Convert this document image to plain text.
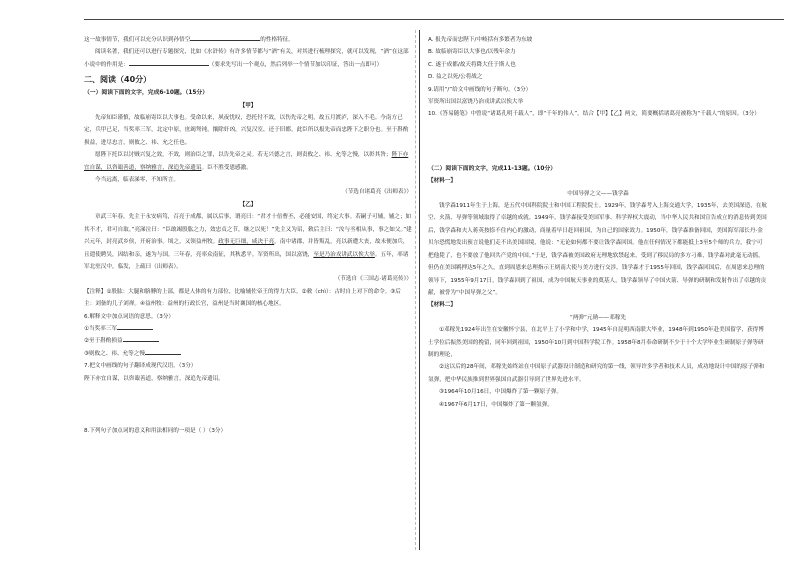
这一故事情节，我们可以充分认识到孙悟空	的性格特征。

阅读名著，我们还可以进行专题探究，比如《水浒传》有许多情节都与“酒”有关，对其进行梳理探究，就可以发现，“酒”在这部小说中的作用是：	（要求先写出一个观点，然后列举一个情节加以印证，答出一点即可）

二、阅读（40分）

（一）阅读下面的文字，完成6-10题。（15分）

【甲】

先帝知臣谨慎，故临崩寄臣以大事也。受命以来，夙夜忧叹，恐托付不效，以伤先帝之明，故五月渡泸，深入不毛。今南方已定，兵甲已足，当奖率三军，北定中原，庶竭驽钝，攘除奸凶，兴复汉室，还于旧都。此臣所以报先帝而忠陛下之职分也。至于斟酌损益，进尽忠言，则攸之、祎、允之任也。

愿陛下托臣以讨贼兴复之效，不效，则治臣之罪，以告先帝之灵。若无兴德之言，则责攸之、祎、允等之慢，以彰其咎；陛下亦宜自谋，以咨诹善道，察纳雅言，深追先帝遗诏。臣不胜受恩感激。

今当远离，临表涕零，不知所言。

（节选自诸葛亮《出师表》）

【乙】

章武三年春，先主于永安病笃，召亮于成都，属以后事，谓亮曰：“君才十倍曹丕，必能安国，终定大事。若嗣子可辅，辅之；如其不才，君可自取。”亮涕泣曰：“臣敢竭股肱之力，效忠贞之节，继之以死！”先主又为诏，敕后主曰：“汝与丞相从事，事之如父。”建兴元年，封亮武乡侯，开府治事。顷之，又领益州牧。政事无巨细，咸决于亮。南中诸郡，并皆叛乱，亮以新遭大丧，故未便加兵，且遣使聘吴，因结和亲，遂为与国。三年春，亮率众南征，其秋悉平。军资所出，国以富饶，至是乃治戎讲武以俟大举。五年，率诸军北驻汉中，临发，上疏曰（出师表）。

（节选自《三国志·诸葛亮传》）

【注释】①股肱：大腿和胳膊的上部，都是人体的有力部位，比喻辅佐帝王的得力大臣。②敕（chì）：古时自上对下的命令。③后主：刘备的儿子刘禅。④益州牧：益州的行政长官，益州是当时襄国的核心地区。

6.解释文中加点词语的意思。（3分）

①当奖率三军

②至于斟酌损益

③则攸之、祎、允等之慢

7.把文中画线的句子翻译成现代汉语。（3分）

陛下亦宜自谋，以咨诹善道，察纳雅言，深追先帝遗诏。

8.下列句子加点词的意义和用法相同的一项是（ ）（3分）

A. 报先帝而忠陛下/中岐括有多繁者为东坡

B. 故临崩寄臣以大事也/以残年余力

C. 遂于成都/故天将降大任于斯人也

D. 益之以死/公将战之

9.请用“/”给文中画线的句子断句。（3分）

军资所出国以富饶乃治戎讲武以俟大举

10.《答易随笔》中曾说“诸葛孔明千载人”，即“千年的伟人”，结合【甲】【乙】两文，简要概括诸葛亮被称为“千载人”的原因。（3分）

（二）阅读下面的文字，完成11-13题。（10分）

【材料一】

中国导弹之父——钱学森

钱学森1911年生于上海，是五代中国科院院士和中国工程院院士。1929年，钱学森考入上海交通大学，1935年，去美国深造，在航空、火箭、导弹等领域取得了卓越的成就。1949年，钱学森接受美国军事、科学界权大震动，当中华人民共和国宣告成立的消息传到美国后，钱学森和夫人蒋英按捺不住内心的激动，商量着早日赶回祖国，为自己的国家效力。1950年，钱学森准备回国，美国海军部长丹·金贝尔恐慌地发出预言说他们走不出美国国境，他说：“无论如何都不要让钱学森回国。他在任何情况下都能抵上3至5个师的兵力，我宁可把他毙了，也不要放了他回共产党的中国。”于是，钱学森被美国政府无理地软禁起来，受到了移民局的多方刁难，钱学森对此毫无动摇，但仍在美国羁押达5年之久，直到周恩来总理指示王炳南大使与美方进行交涉，钱学森才于1955年回国，钱学森回国后，在周恩来总理的领导下，1955年9月17日，钱学森回到了祖国，成为中国航天事业的奠基人，钱学森领导了中国火箭、导弹的研制和发射作出了卓越的贡献，被誉为“中国导弹之父”。

【材料二】

“两弹”元勋——邓稼先

①邓稼先1924年出生在安徽怀宁县，在北平上了小学和中学，1945年自昆明西南联大毕业，1948年到1950年赴美国留学，获得博士学位后振然美国的挽留，同年回到祖国，1950年10月到中国科学院工作。1958年8月奉命研制不少于十个大学毕业生研制原子弹等研制的理论，

②这以后的28年间，邓稼先始终站在中国原子武器设计制造和研究的第一线，领导许多学者和技术人员，成功地设计中国的原子弹和氢弹，把中华民族推到世界强国自武器引导到了世界先进水平。

③1964年10月16日，中国爆炸了第一颗原子弹。

④1967年6月17日，中国爆炸了第一颗氢弹。
